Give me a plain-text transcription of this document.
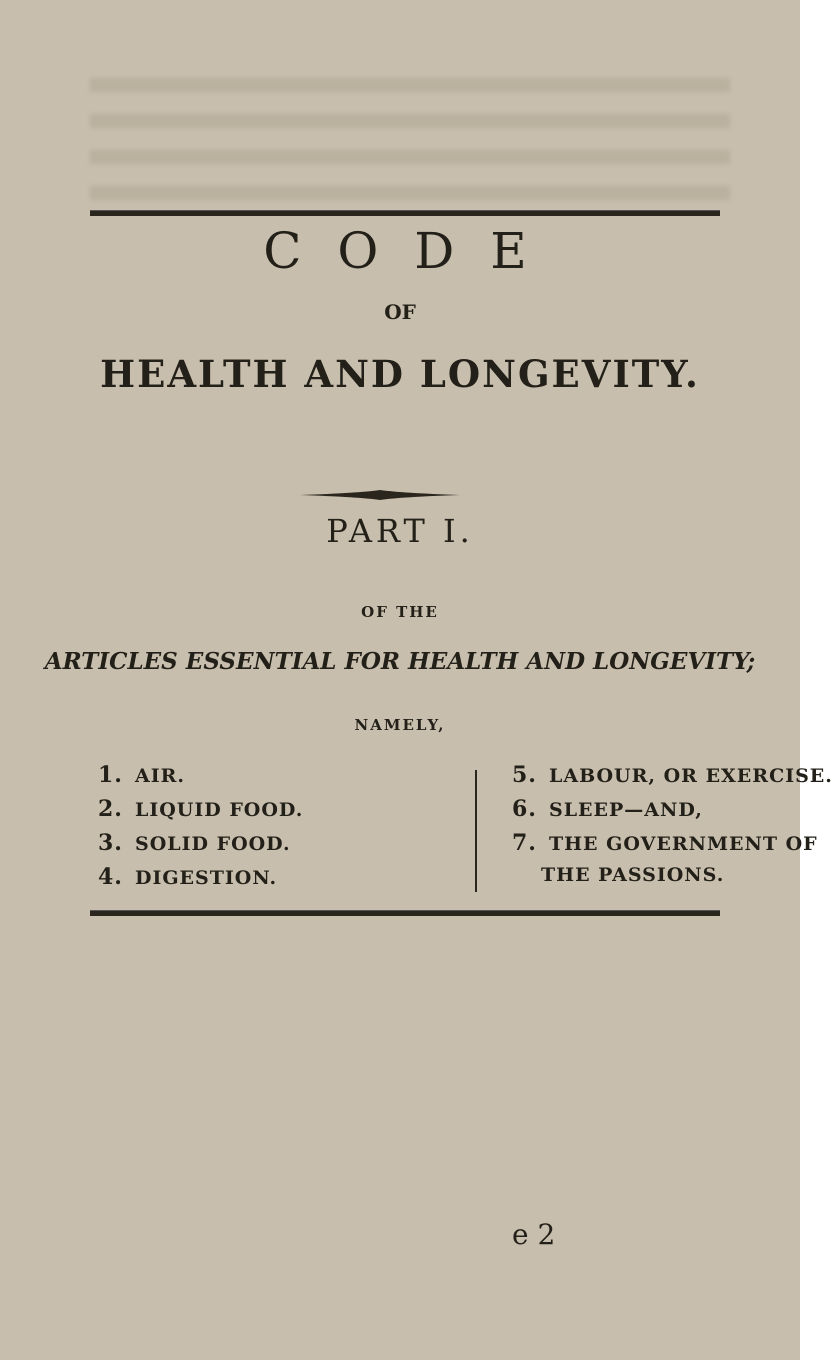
C O D E
OF
HEALTH AND LONGEVITY.
PART I.
OF THE
ARTICLES ESSENTIAL FOR HEALTH AND LONGEVITY;
NAMELY,
1. AIR.
2. LIQUID FOOD.
3. SOLID FOOD.
4. DIGESTION.
5. LABOUR, OR EXERCISE.
6. SLEEP—AND,
7. THE GOVERNMENT OF
THE PASSIONS.
e 2
